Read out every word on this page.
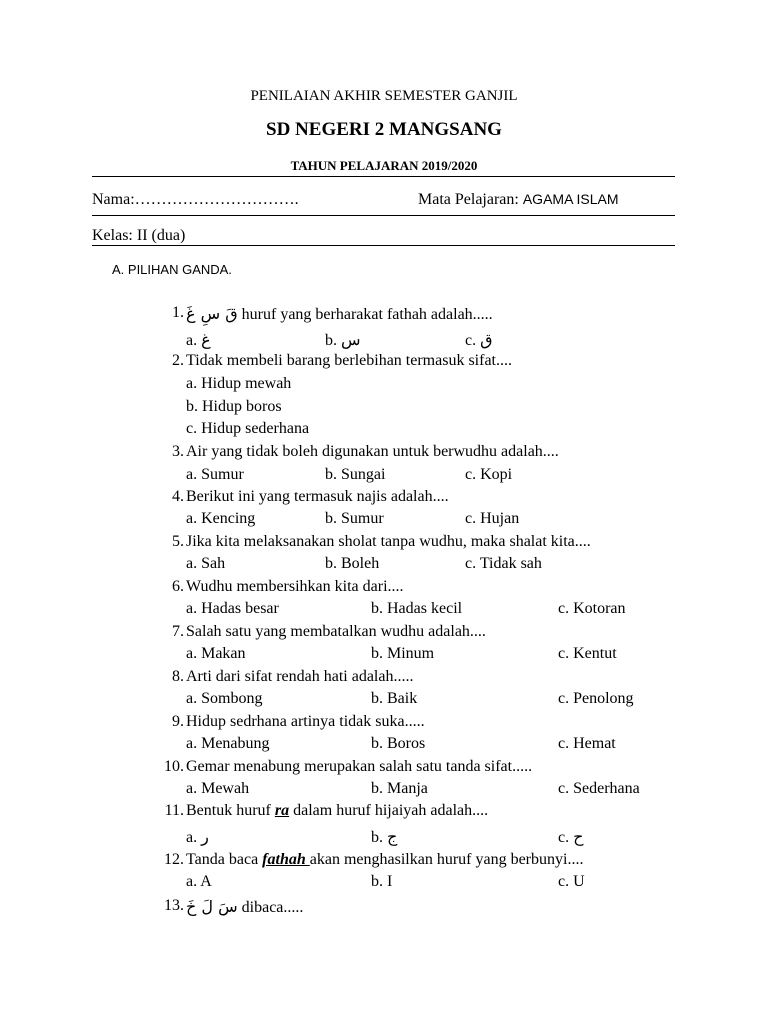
PENILAIAN AKHIR SEMESTER GANJIL
SD NEGERI 2 MANGSANG
TAHUN PELAJARAN 2019/2020
Nama:………………………….	Mata Pelajaran: AGAMA ISLAM
Kelas: II (dua)
A. PILIHAN GANDA.
1. قَ سِ غَ huruf yang berharakat fathah adalah.....
a. غ	b. س	c. ق
2. Tidak membeli barang berlebihan termasuk sifat....
a. Hidup mewah
b. Hidup boros
c. Hidup sederhana
3. Air yang tidak boleh digunakan untuk berwudhu adalah....
a. Sumur	b. Sungai	c. Kopi
4. Berikut ini yang termasuk najis adalah....
a. Kencing	b. Sumur	c. Hujan
5. Jika kita melaksanakan sholat tanpa wudhu, maka shalat kita....
a. Sah	b. Boleh	c. Tidak sah
6. Wudhu membersihkan kita dari....
a. Hadas besar	b. Hadas kecil	c. Kotoran
7. Salah satu yang membatalkan wudhu adalah....
a. Makan	b. Minum	c. Kentut
8. Arti dari sifat rendah hati adalah.....
a. Sombong	b. Baik	c. Penolong
9. Hidup sedrhana artinya tidak suka.....
a. Menabung	b. Boros	c. Hemat
10. Gemar menabung merupakan salah satu tanda sifat.....
a. Mewah	b. Manja	c. Sederhana
11. Bentuk huruf ra dalam huruf hijaiyah adalah....
a. ر	b. ج	c. ح
12. Tanda baca fathah akan menghasilkan huruf yang berbunyi....
a. A	b. I	c. U
13. سَ لَ خَ dibaca.....
